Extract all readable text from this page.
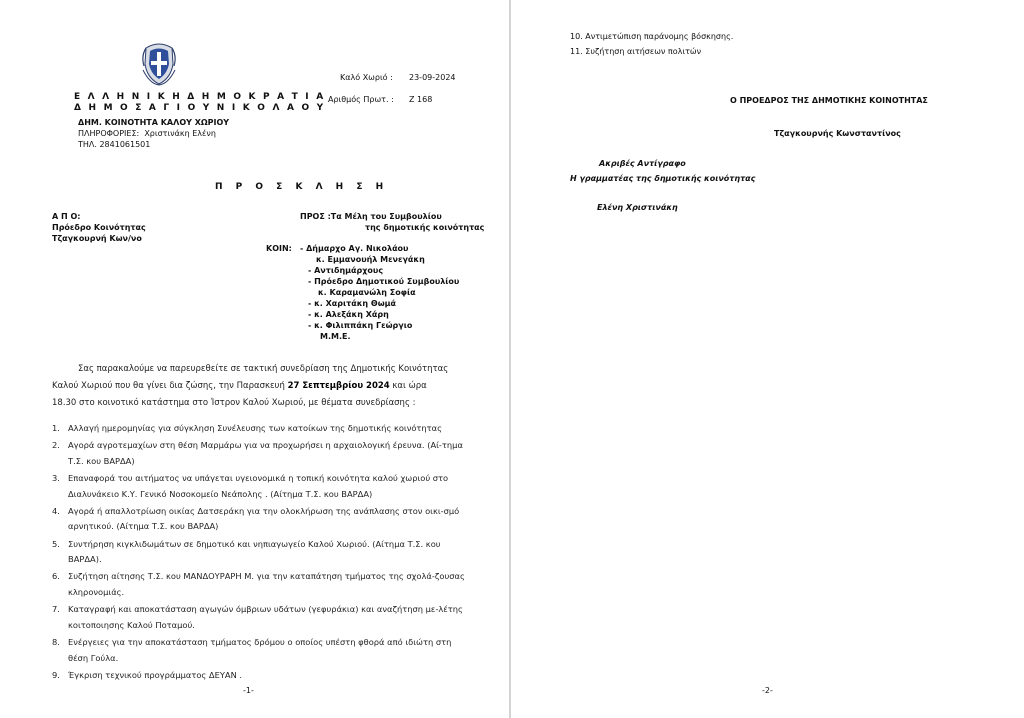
Ε Λ Λ Η Ν Ι Κ Η Δ Η Μ Ο Κ Ρ Α Τ Ι Α
Δ Η Μ Ο Σ Α Γ Ι Ο Υ Ν Ι Κ Ο Λ Α Ο Υ
ΔΗΜ. ΚΟΙΝΟΤΗΤΑ ΚΑΛΟΥ ΧΩΡΙΟΥ
ΠΛΗΡΟΦΟΡΙΕΣ: Χριστινάκη Ελένη
ΤΗΛ. 2841061501
Καλό Χωριό : 23-09-2024
Αριθμός Πρωτ. : Ζ 168
Π Ρ Ο Σ Κ Λ Η Σ Η
Α Π Ο:
Πρόεδρο Κοινότητας
Τζαγκουρνή Κων/νο
ΠΡΟΣ :Τα Μέλη του Συμβουλίου
της δημοτικής κοινότητας
ΚΟΙΝ: - Δήμαρχο Αγ. Νικολάου
κ. Εμμανουήλ Μενεγάκη
- Αντιδημάρχους
- Πρόεδρο Δημοτικού Συμβουλίου
κ. Καραμανώλη Σοφία
- κ. Χαριτάκη Θωμά
- κ. Αλεξάκη Χάρη
- κ. Φιλιππάκη Γεώργιο
Μ.Μ.Ε.
Σας παρακαλούμε να παρευρεθείτε σε τακτική συνεδρίαση της Δημοτικής Κοινότητας
Καλού Χωριού που θα γίνει δια ζώσης, την Παρασκευή 27 Σεπτεμβρίου 2024 και ώρα
18.30 στο κοινοτικό κατάστημα στο Ίστρον Καλού Χωριού, με θέματα συνεδρίασης :
1. Αλλαγή ημερομηνίας για σύγκληση Συνέλευσης των κατοίκων της δημοτικής κοινότητας
2. Αγορά αγροτεμαχίων στη θέση Μαρμάρω για να προχωρήσει η αρχαιολογική έρευνα. (Αί-τημα Τ.Σ. κου ΒΑΡΔΑ)
3. Επαναφορά του αιτήματος να υπάγεται υγειονομικά η τοπική κοινότητα καλού χωριού στο Διαλυνάκειο Κ.Υ. Γενικό Νοσοκομείο Νεάπολης . (Αίτημα Τ.Σ. κου ΒΑΡΔΑ)
4. Αγορά ή απαλλοτρίωση οικίας Δατσεράκη για την ολοκλήρωση της ανάπλασης στον οικι-σμό αρνητικού. (Αίτημα Τ.Σ. κου ΒΑΡΔΑ)
5. Συντήρηση κιγκλιδωμάτων σε δημοτικό και νηπιαγωγείο Καλού Χωριού. (Αίτημα Τ.Σ. κου ΒΑΡΔΑ).
6. Συζήτηση αίτησης Τ.Σ. κου ΜΑΝΔΟΥΡΑΡΗ Μ. για την καταπάτηση τμήματος της σχολά-ζουσας κληρονομιάς.
7. Καταγραφή και αποκατάσταση αγωγών όμβριων υδάτων (γεφυράκια) και αναζήτηση με-λέτης κοιτοποιησης Καλού Ποταμού.
8. Ενέργειες για την αποκατάσταση τμήματος δρόμου ο οποίος υπέστη φθορά από ιδιώτη στη θέση Γούλα.
9. Έγκριση τεχνικού προγράμματος ΔΕΥΑΝ .
-1-
10. Αντιμετώπιση παράνομης βόσκησης.
11. Συζήτηση αιτήσεων πολιτών
Ο ΠΡΟΕΔΡΟΣ ΤΗΣ ΔΗΜΟΤΙΚΗΣ ΚΟΙΝΟΤΗΤΑΣ
Τζαγκουρνής Κωνσταντίνος
Ακριβές Αντίγραφο
Η γραμματέας της δημοτικής κοινότητας
Ελένη Χριστινάκη
-2-
